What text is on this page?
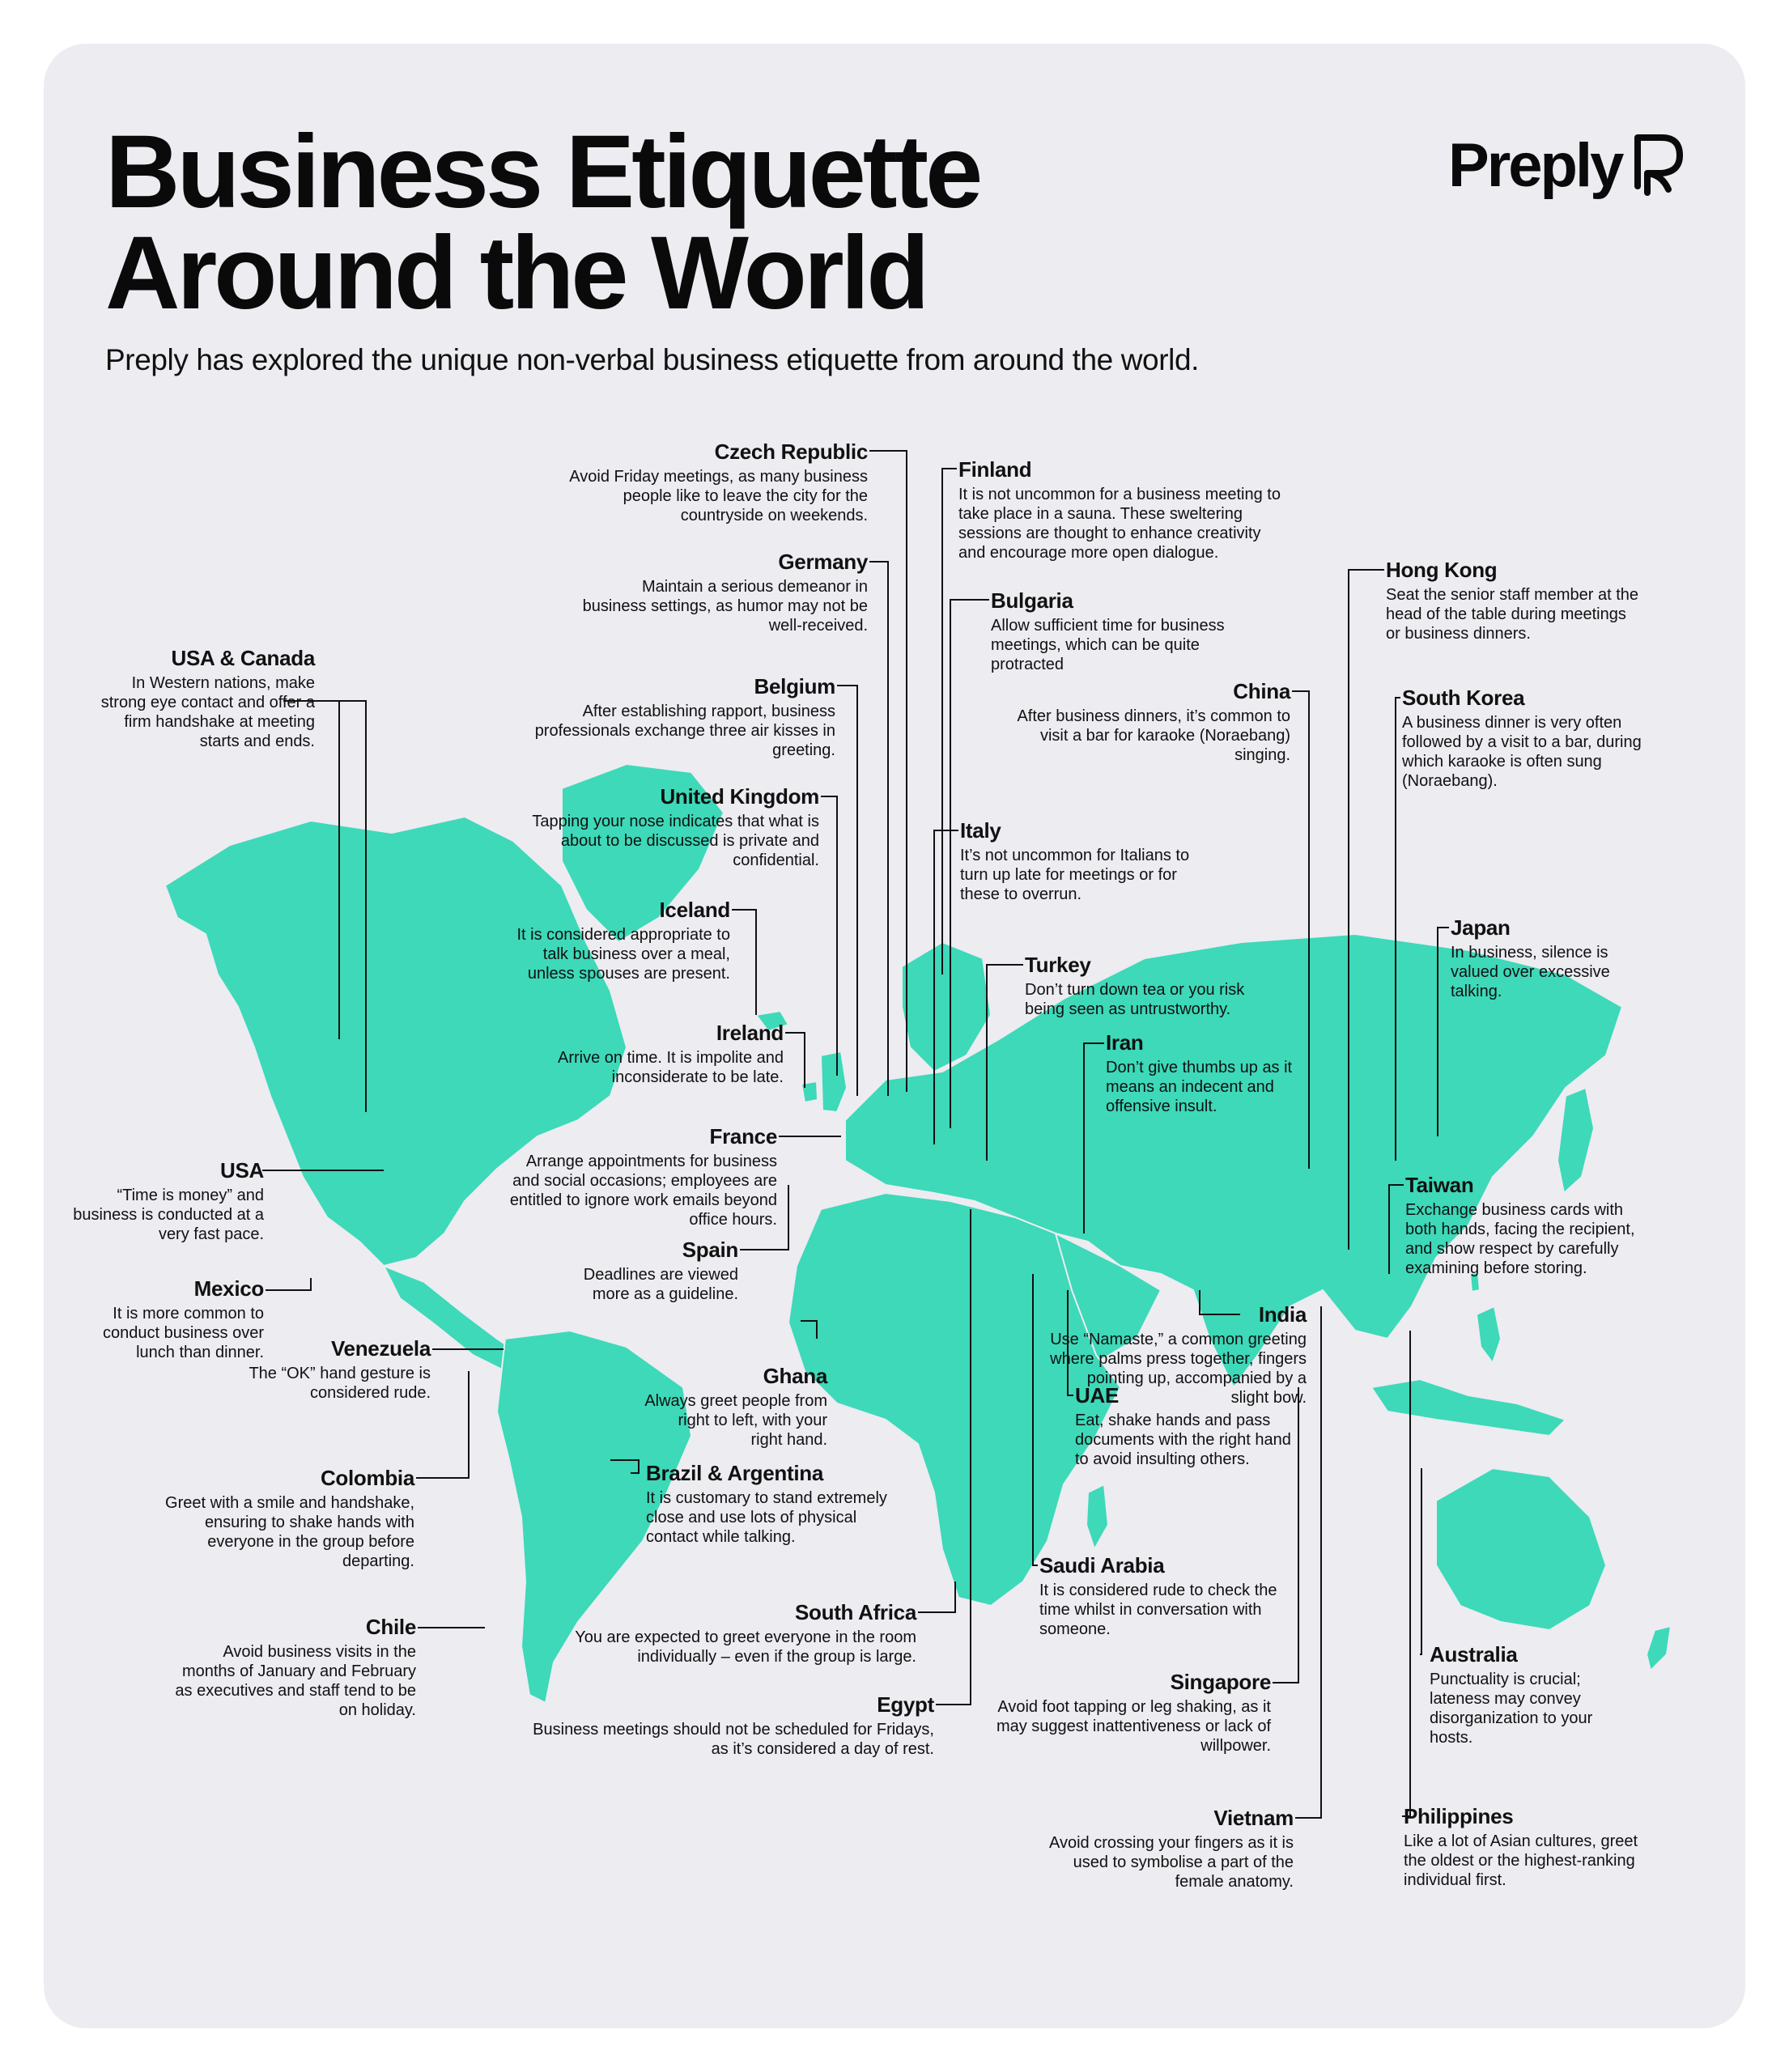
Business Etiquette
Around the World

Preply has explored the unique non-verbal business etiquette from around the world.

Preply
USA & Canada

In Western nations, make strong eye contact and offer a firm handshake at meeting starts and ends.

USA

“Time is money” and business is conducted at a very fast pace.

Mexico

It is more common to conduct business over lunch than dinner.	Venezuela

The “OK” hand gesture is considered rude.

Colombia

Greet with a smile and handshake, ensuring to shake hands with everyone in the group before departing.

Chile

Avoid business visits in the months of January and February as executives and staff tend to be on holiday.

Czech Republic

Avoid Friday meetings, as many business people like to leave the city for the countryside on weekends.

Germany

Maintain a serious demeanor in business settings, as humor may not be well-received.

Belgium

After establishing rapport, business professionals exchange three air kisses in greeting.

United Kingdom

Tapping your nose indicates that what is about to be discussed is private and confidential.

Iceland

It is considered appropriate to talk business over a meal, unless spouses are present.

Ireland

Arrive on time. It is impolite and inconsiderate to be late.

France

Arrange appointments for business and social occasions; employees are entitled to ignore work emails beyond office hours.

Spain

Deadlines are viewed more as a guideline.

Ghana

Always greet people from right to left, with your right hand.

Brazil & Argentina

It is customary to stand extremely close and use lots of physical contact while talking.

South Africa

You are expected to greet everyone in the room individually – even if the group is large.

Egypt

Business meetings should not be scheduled for Fridays, as it’s considered a day of rest.

Finland

It is not uncommon for a business meeting to take place in a sauna. These sweltering sessions are thought to enhance creativity and encourage more open dialogue.

Bulgaria

Allow sufficient time for business meetings, which can be quite protracted

Italy

It’s not uncommon for Italians to turn up late for meetings or for these to overrun.

Turkey

Don’t turn down tea or you risk being seen as untrustworthy.

Iran

Don’t give thumbs up as it means an indecent and offensive insult.

China

After business dinners, it’s common to visit a bar for karaoke (Noraebang) singing.

India

Use “Namaste,” a common greeting where palms press together, fingers pointing up, accompanied by a slight bow.

UAE

Eat, shake hands and pass documents with the right hand to avoid insulting others.

Saudi Arabia

It is considered rude to check the time whilst in conversation with someone.

Singapore

Avoid foot tapping or leg shaking, as it may suggest inattentiveness or lack of willpower.

Vietnam

Avoid crossing your fingers as it is used to symbolise a part of the female anatomy.

Hong Kong

Seat the senior staff member at the head of the table during meetings or business dinners.

South Korea

A business dinner is very often followed by a visit to a bar, during which karaoke is often sung (Noraebang).

Japan

In business, silence is valued over excessive talking.

Taiwan

Exchange business cards with both hands, facing the recipient, and show respect by carefully examining before storing.

Australia

Punctuality is crucial; lateness may convey disorganization to your hosts.

Philippines

Like a lot of Asian cultures, greet the oldest or the highest-ranking individual first.
